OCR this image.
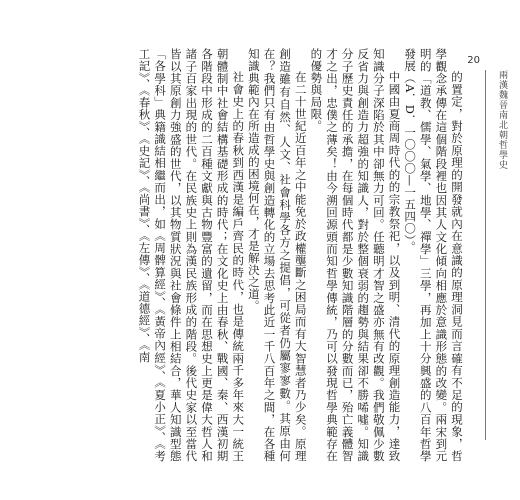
20
兩漢魏晉南北朝哲學史

的置定，對於原理的開發就內在意識的原理洞見而言確有不足的現象，哲學觀念承傳在這個階段裡也因其人文化傾向相應於意識形態的改變。兩宋到元明的「道教、儒學、氣學、地學、禪學」三學，再加上十分興盛的八百年哲學發展（A．D．一〇〇〇—一五四〇）。

中國由夏商周時代的的宗教祭祀，以及到明、清代的原理創造能力，達致知識分子深陷於其中卻無力可回。任聽明才智之盛亦無有改觀。我們敬佩少數反省力與創造力超強的知識人，對於整個衰弱的趨勢與結果卻不勝唏噓。知識分子歷史責任的承擔，在每個時代都是少數知識階層的分數而已，殆亡義體智才之出，忠僕之薄矣！由今溯回源頭而知哲學傳統，乃可以發現哲學典範存在的優勢與局限。

在二十世紀近百年之中能免於政權壟斷之困局而有大智慧者乃少矣。原理創造雖有自然、人文、社會科學各方之提倡，可從者仍屬寥寥數。其原由何在？我們只有由哲學史與創造轉化的立場去思考此近一千八百年之間，在各種知識典範內在所造成的困境何在，才是解決之道。

社會史上的春秋到西漢是編戶齊民的時代，也是傳統兩千多年來大一統王朝體制中社會結構基礎形成的時代；在文化史上由春秋、戰國、秦、西漢初期各階段中形成的二百種文獻與古物豐富的遺留，而在思想史上更是偉大哲人和諸子百家出現的世代。在民族史上則為漢民族形成的階段。後代史家以至當代皆以其原創力強盛的世代，以其物質狀況與社會條件上相結合，華人知識型態「各學科」典籍識結相繼而出，如《周髀算經》、《黃帝內經》、《夏小正》、《考工記》、《春秋》、《史記》、《尚書》、《左傳》、《道德經》、《南
